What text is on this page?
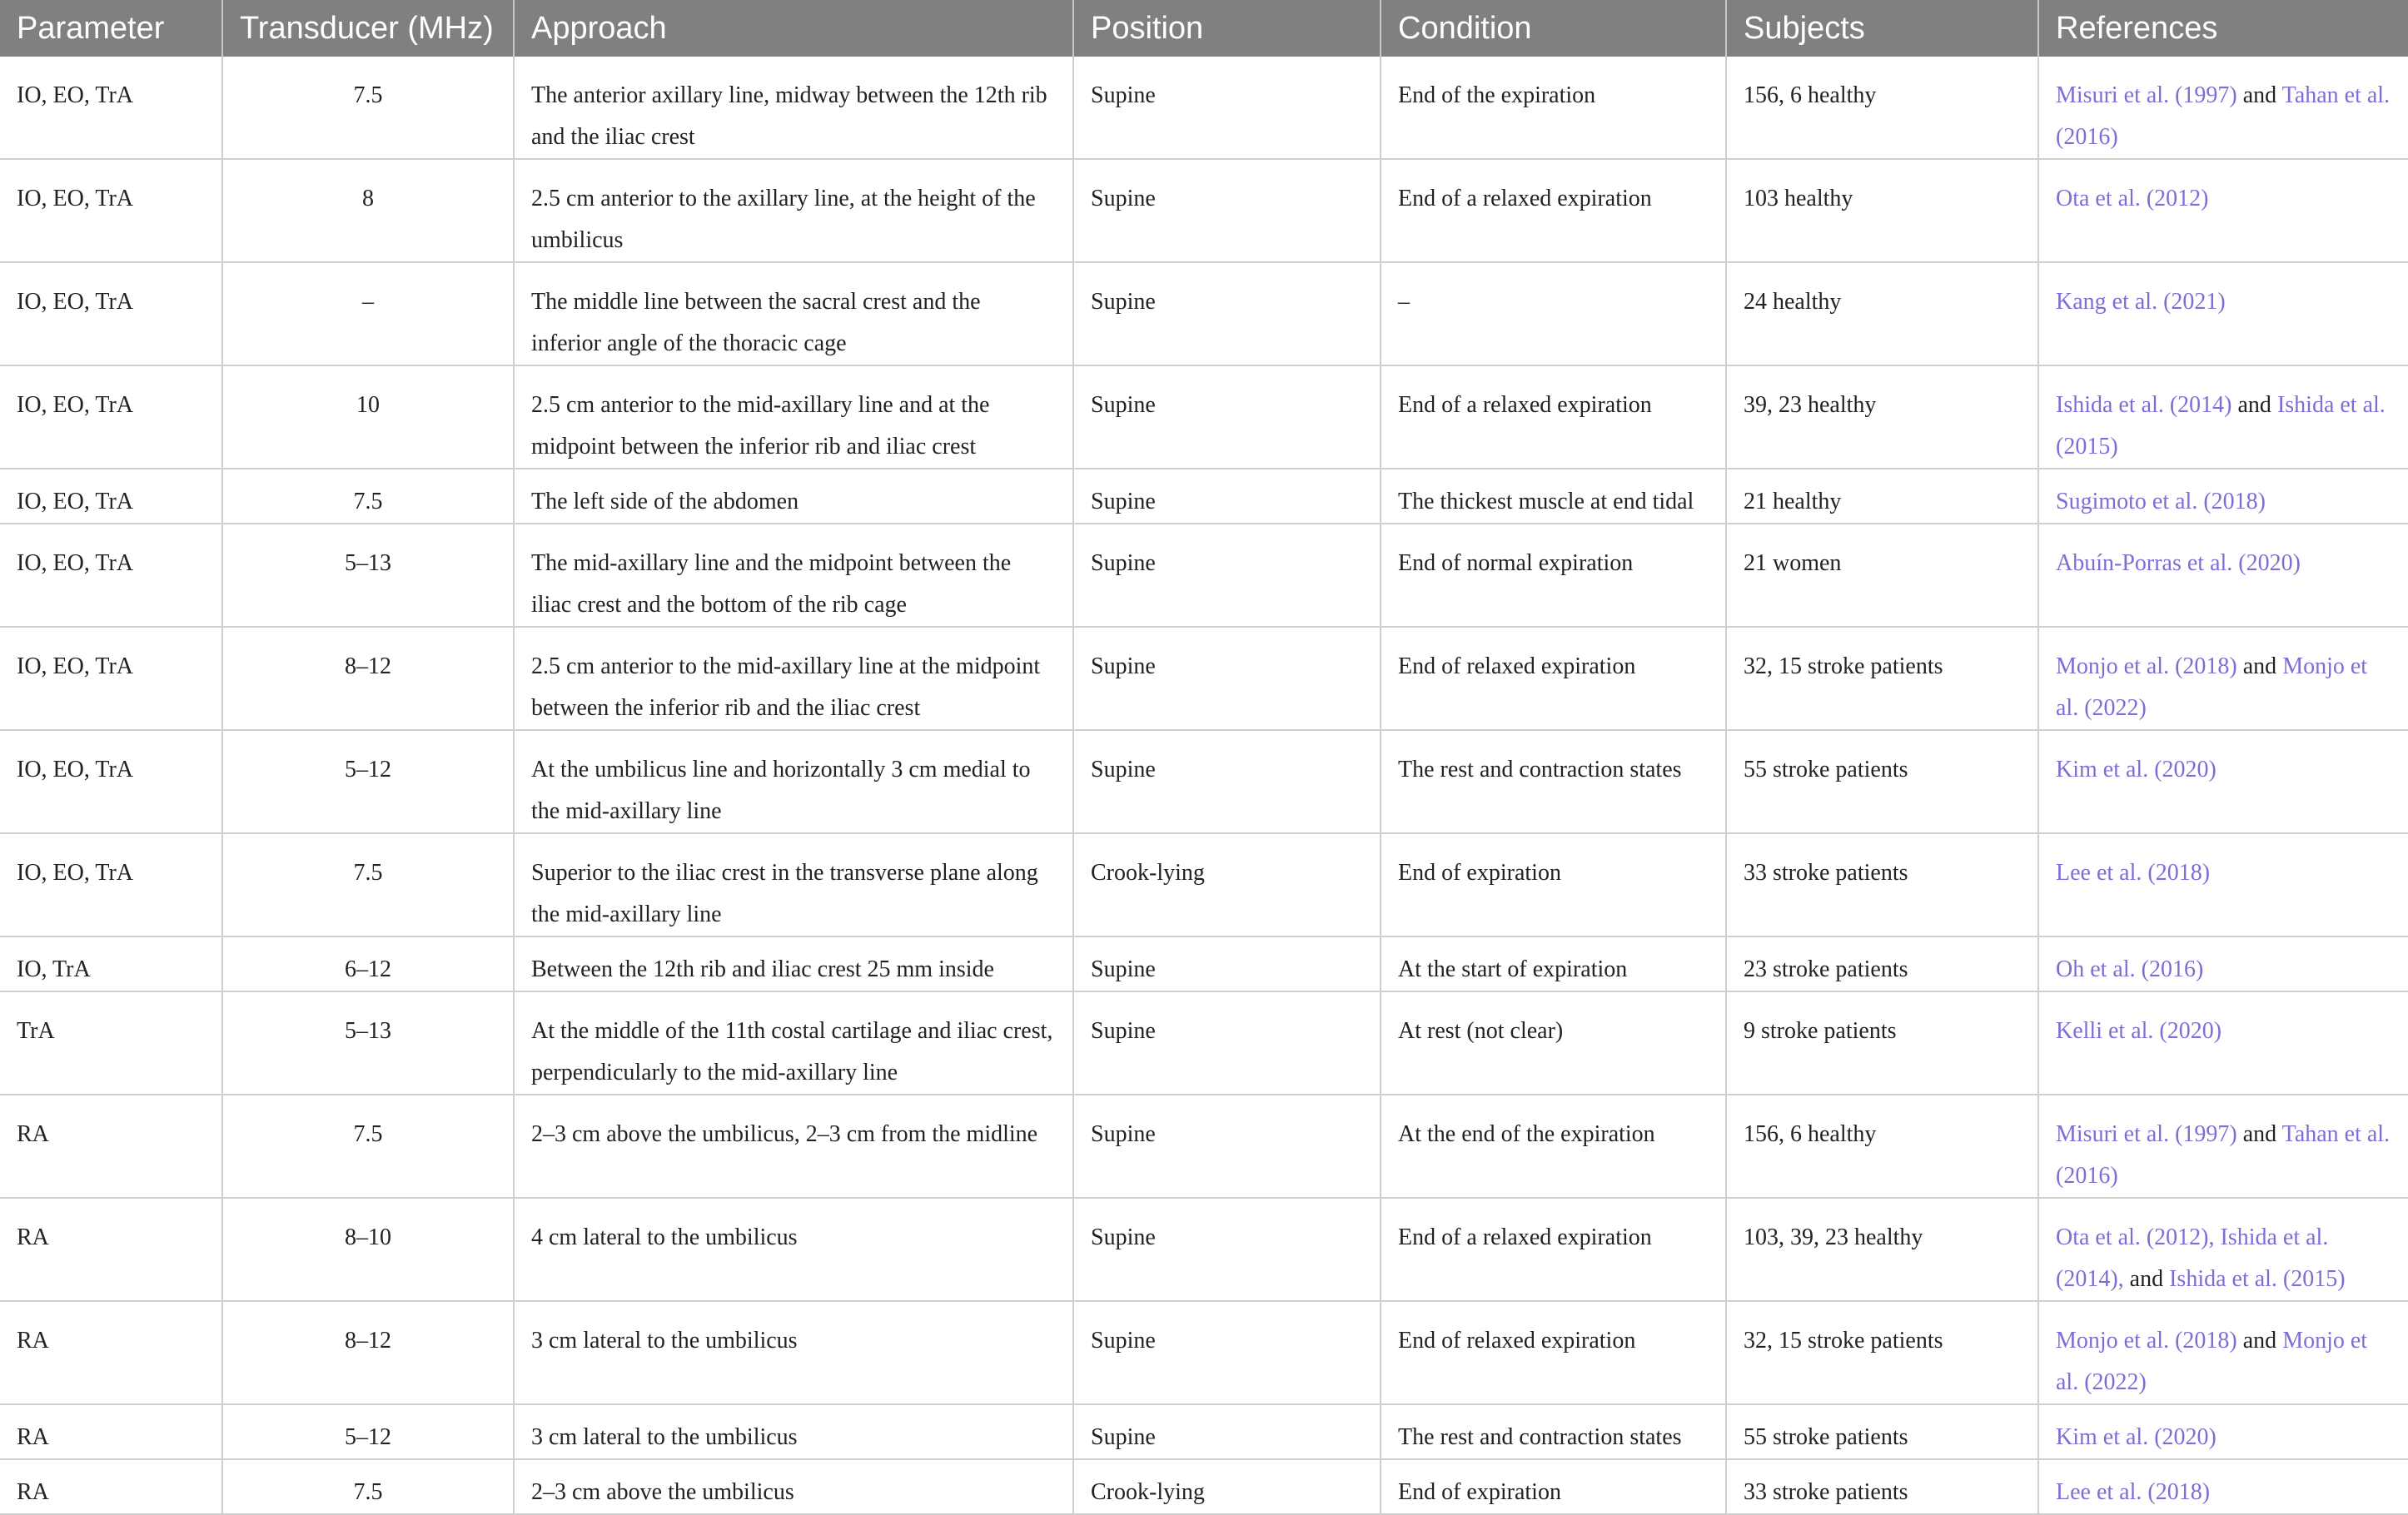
Parameter	Transducer (MHz)	Approach	Position	Condition	Subjects	References
IO, EO, TrA	7.5	The anterior axillary line, midway between the 12th rib and the iliac crest	Supine	End of the expiration	156, 6 healthy	Misuri et al. (1997) and Tahan et al. (2016)
IO, EO, TrA	8	2.5 cm anterior to the axillary line, at the height of the umbilicus	Supine	End of a relaxed expiration	103 healthy	Ota et al. (2012)
IO, EO, TrA	–	The middle line between the sacral crest and the inferior angle of the thoracic cage	Supine	–	24 healthy	Kang et al. (2021)
IO, EO, TrA	10	2.5 cm anterior to the mid-axillary line and at the midpoint between the inferior rib and iliac crest	Supine	End of a relaxed expiration	39, 23 healthy	Ishida et al. (2014) and Ishida et al. (2015)
IO, EO, TrA	7.5	The left side of the abdomen	Supine	The thickest muscle at end tidal	21 healthy	Sugimoto et al. (2018)
IO, EO, TrA	5–13	The mid-axillary line and the midpoint between the iliac crest and the bottom of the rib cage	Supine	End of normal expiration	21 women	Abuín-Porras et al. (2020)
IO, EO, TrA	8–12	2.5 cm anterior to the mid-axillary line at the midpoint between the inferior rib and the iliac crest	Supine	End of relaxed expiration	32, 15 stroke patients	Monjo et al. (2018) and Monjo et al. (2022)
IO, EO, TrA	5–12	At the umbilicus line and horizontally 3 cm medial to the mid-axillary line	Supine	The rest and contraction states	55 stroke patients	Kim et al. (2020)
IO, EO, TrA	7.5	Superior to the iliac crest in the transverse plane along the mid-axillary line	Crook-lying	End of expiration	33 stroke patients	Lee et al. (2018)
IO, TrA	6–12	Between the 12th rib and iliac crest 25 mm inside	Supine	At the start of expiration	23 stroke patients	Oh et al. (2016)
TrA	5–13	At the middle of the 11th costal cartilage and iliac crest, perpendicularly to the mid-axillary line	Supine	At rest (not clear)	9 stroke patients	Kelli et al. (2020)
RA	7.5	2–3 cm above the umbilicus, 2–3 cm from the midline	Supine	At the end of the expiration	156, 6 healthy	Misuri et al. (1997) and Tahan et al. (2016)
RA	8–10	4 cm lateral to the umbilicus	Supine	End of a relaxed expiration	103, 39, 23 healthy	Ota et al. (2012), Ishida et al. (2014), and Ishida et al. (2015)
RA	8–12	3 cm lateral to the umbilicus	Supine	End of relaxed expiration	32, 15 stroke patients	Monjo et al. (2018) and Monjo et al. (2022)
RA	5–12	3 cm lateral to the umbilicus	Supine	The rest and contraction states	55 stroke patients	Kim et al. (2020)
RA	7.5	2–3 cm above the umbilicus	Crook-lying	End of expiration	33 stroke patients	Lee et al. (2018)
